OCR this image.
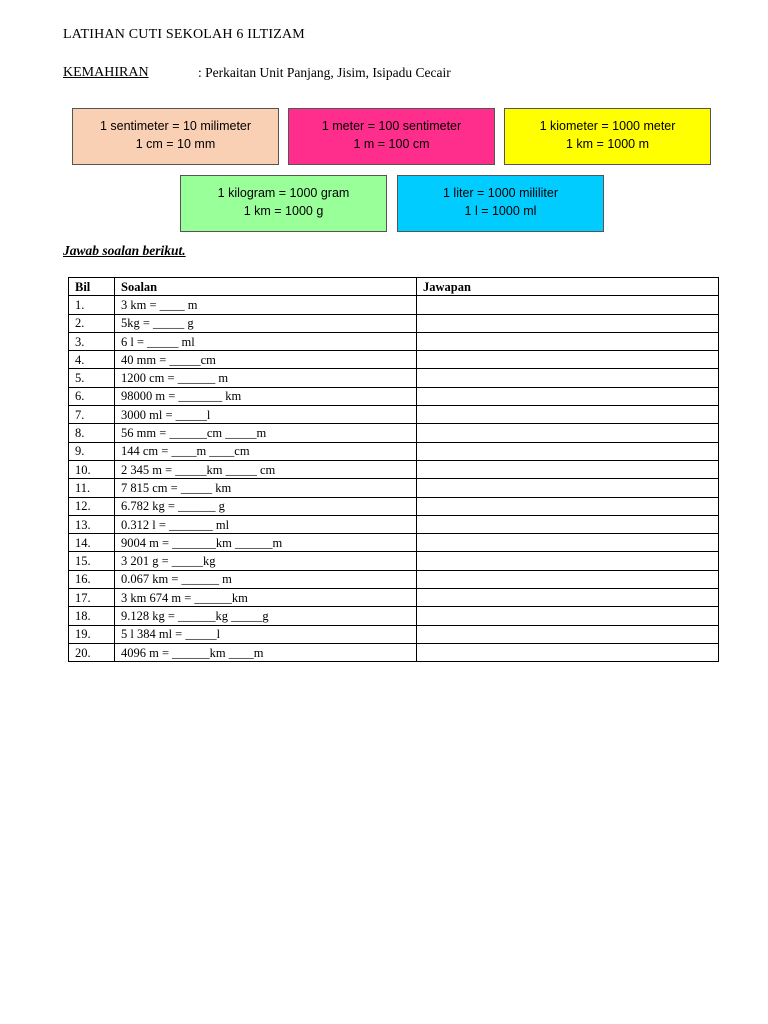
LATIHAN CUTI SEKOLAH 6 ILTIZAM
KEMAHIRAN	: Perkaitan Unit Panjang, Jisim, Isipadu Cecair
1 sentimeter = 10 milimeter
1 cm = 10 mm
1 meter = 100 sentimeter
1 m = 100 cm
1 kiometer = 1000 meter
1 km = 1000 m
1 kilogram = 1000 gram
1 km = 1000 g
1 liter = 1000 mililiter
1 l = 1000 ml
Jawab soalan berikut.
Bil	Soalan	Jawapan
1.	3 km = ____ m	
2.	5kg = _____ g	
3.	6 l = _____ ml	
4.	40 mm = _____cm	
5.	1200 cm = ______ m	
6.	98000 m = _______ km	
7.	3000 ml = _____l	
8.	56 mm = ______cm _____m	
9.	144 cm = ____m ____cm	
10.	2 345 m = _____km _____ cm	
11.	7 815 cm = _____ km	
12.	6.782 kg = ______ g	
13.	0.312 l = _______ ml	
14.	9004 m = _______km ______m	
15.	3 201 g = _____kg	
16.	0.067 km = ______ m	
17.	3 km 674 m = ______km	
18.	9.128 kg = ______kg _____g	
19.	5 l 384 ml = _____l	
20.	4096 m = ______km ____m	
